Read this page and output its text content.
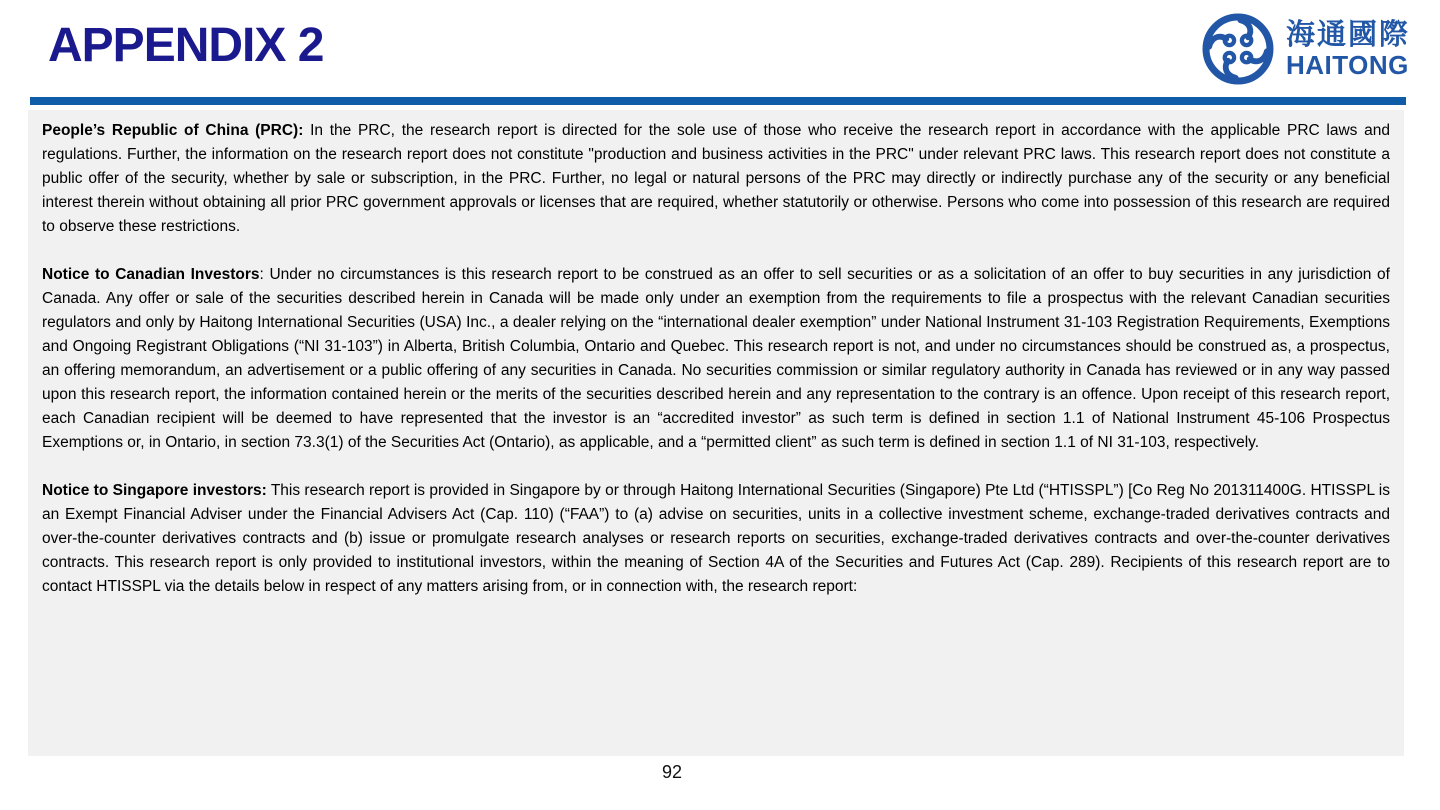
APPENDIX 2	海通國際
HAITONG

People’s Republic of China (PRC): In the PRC, the research report is directed for the sole use of those who receive the research report in accordance with the applicable PRC laws and regulations. Further, the information on the research report does not constitute "production and business activities in the PRC" under relevant PRC laws. This research report does not constitute a public offer of the security, whether by sale or subscription, in the PRC. Further, no legal or natural persons of the PRC may directly or indirectly purchase any of the security or any beneficial interest therein without obtaining all prior PRC government approvals or licenses that are required, whether statutorily or otherwise. Persons who come into possession of this research are required to observe these restrictions.

Notice to Canadian Investors: Under no circumstances is this research report to be construed as an offer to sell securities or as a solicitation of an offer to buy securities in any jurisdiction of Canada. Any offer or sale of the securities described herein in Canada will be made only under an exemption from the requirements to file a prospectus with the relevant Canadian securities regulators and only by Haitong International Securities (USA) Inc., a dealer relying on the “international dealer exemption” under National Instrument 31-103 Registration Requirements, Exemptions and Ongoing Registrant Obligations (“NI 31-103”) in Alberta, British Columbia, Ontario and Quebec. This research report is not, and under no circumstances should be construed as, a prospectus, an offering memorandum, an advertisement or a public offering of any securities in Canada. No securities commission or similar regulatory authority in Canada has reviewed or in any way passed upon this research report, the information contained herein or the merits of the securities described herein and any representation to the contrary is an offence. Upon receipt of this research report, each Canadian recipient will be deemed to have represented that the investor is an “accredited investor” as such term is defined in section 1.1 of National Instrument 45-106 Prospectus Exemptions or, in Ontario, in section 73.3(1) of the Securities Act (Ontario), as applicable, and a “permitted client” as such term is defined in section 1.1 of NI 31-103, respectively.

Notice to Singapore investors: This research report is provided in Singapore by or through Haitong International Securities (Singapore) Pte Ltd (“HTISSPL”) [Co Reg No 201311400G. HTISSPL is an Exempt Financial Adviser under the Financial Advisers Act (Cap. 110) (“FAA”) to (a) advise on securities, units in a collective investment scheme, exchange-traded derivatives contracts and over-the-counter derivatives contracts and (b) issue or promulgate research analyses or research reports on securities, exchange-traded derivatives contracts and over-the-counter derivatives contracts. This research report is only provided to institutional investors, within the meaning of Section 4A of the Securities and Futures Act (Cap. 289). Recipients of this research report are to contact HTISSPL via the details below in respect of any matters arising from, or in connection with, the research report:

92
